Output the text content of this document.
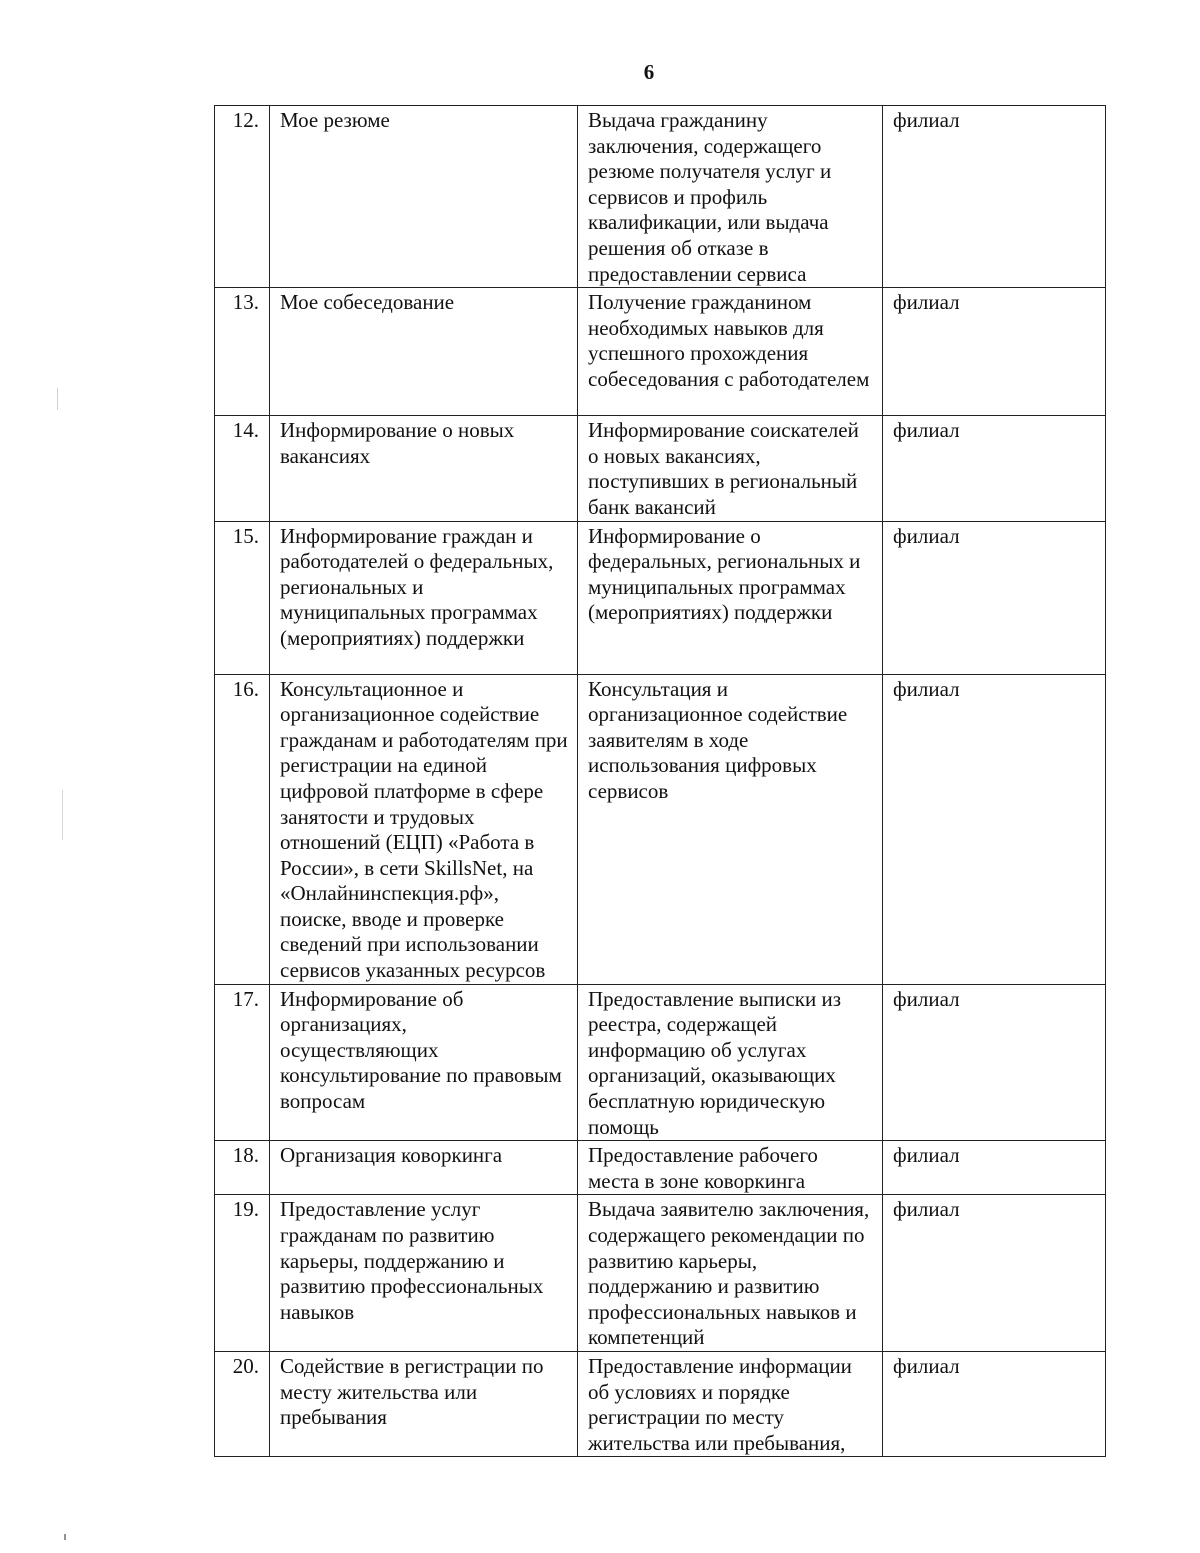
6
12.	Мое резюме	Выдача гражданину заключения, содержащего резюме получателя услуг и сервисов и профиль квалификации, или выдача решения об отказе в предоставлении сервиса	филиал
13.	Мое собеседование	Получение гражданином необходимых навыков для успешного прохождения собеседования с работодателем	филиал
14.	Информирование о новых вакансиях	Информирование соискателей о новых вакансиях, поступивших в региональный банк вакансий	филиал
15.	Информирование граждан и работодателей о федеральных, региональных и муниципальных программах (мероприятиях) поддержки	Информирование о федеральных, региональных и муниципальных программах (мероприятиях) поддержки	филиал
16.	Консультационное и организационное содействие гражданам и работодателям при регистрации на единой цифровой платформе в сфере занятости и трудовых отношений (ЕЦП) «Работа в России», в сети SkillsNet, на «Онлайнинспекция.рф», поиске, вводе и проверке сведений при использовании сервисов указанных ресурсов	Консультация и организационное содействие заявителям в ходе использования цифровых сервисов	филиал
17.	Информирование об организациях, осуществляющих консультирование по правовым вопросам	Предоставление выписки из реестра, содержащей информацию об услугах организаций, оказывающих бесплатную юридическую помощь	филиал
18.	Организация коворкинга	Предоставление рабочего места в зоне коворкинга	филиал
19.	Предоставление услуг гражданам по развитию карьеры, поддержанию и развитию профессиональных навыков	Выдача заявителю заключения, содержащего рекомендации по развитию карьеры, поддержанию и развитию профессиональных навыков и компетенций	филиал
20.	Содействие в регистрации по месту жительства или пребывания	Предоставление информации об условиях и порядке регистрации по месту жительства или пребывания,	филиал
